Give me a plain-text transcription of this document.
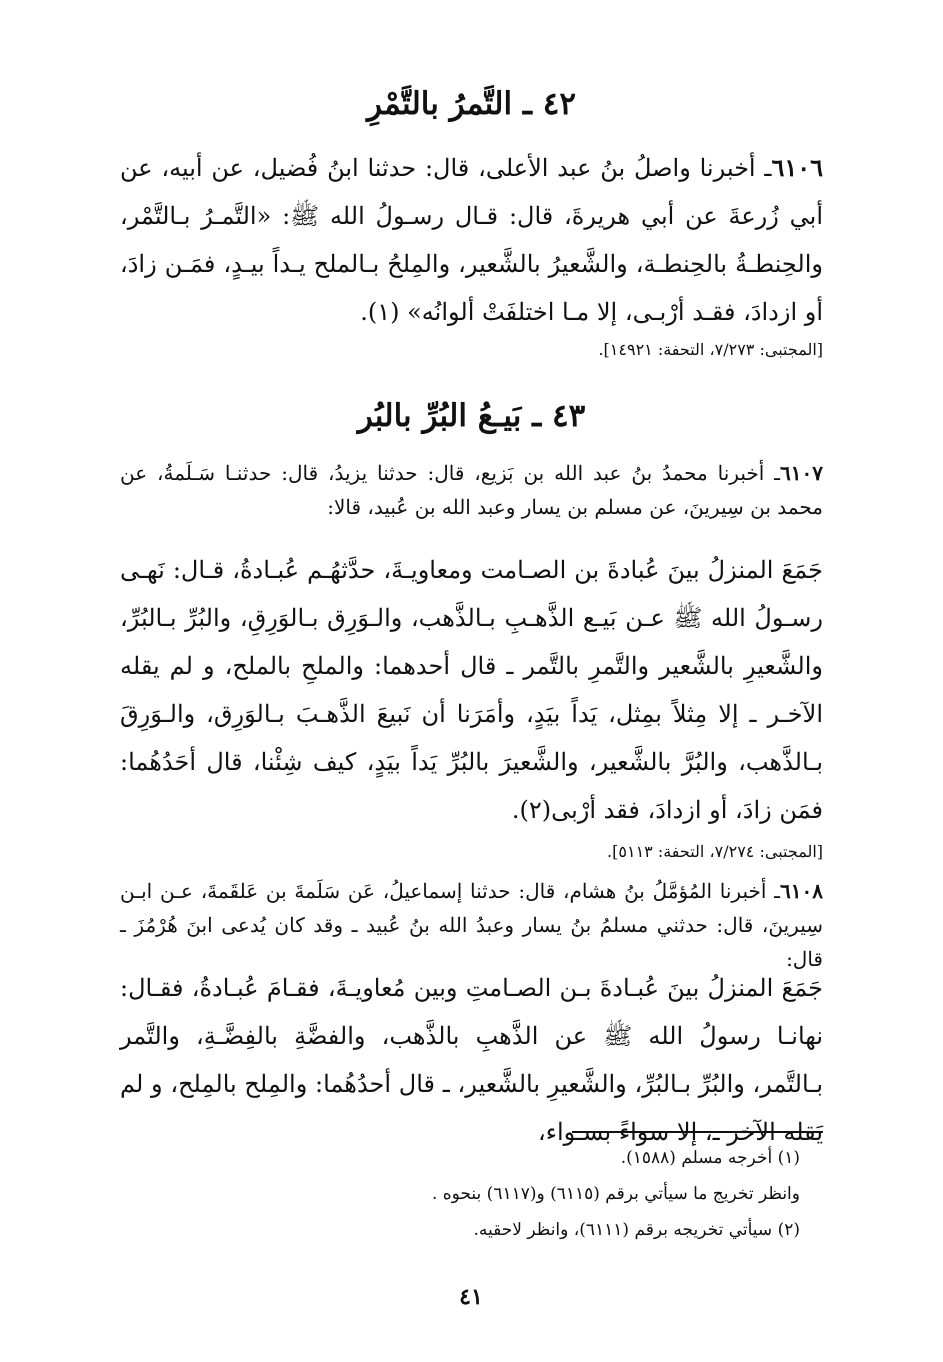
٤٢ ـ التَّمرُ بالتَّمْرِ
٦١٠٦ـ أخبرنا واصلُ بنُ عبد الأعلى، قال: حدثنا ابنُ فُضيل، عن أبيه، عن أبي زُرعةَ عن أبي هريرةَ، قال: قـال رسـولُ الله ﷺ: «التَّمـرُ بـالتَّمْر، والحِنطـةُ بالحِنطـة، والشَّعيرُ بالشَّعير، والمِلحُ بـالملح يـداً بيـدٍ، فمَـن زادَ، أو ازدادَ، فقـد أرْبـى، إلا مـا اختلفَتْ ألوانُه» (١).
[المجتبى: ٧/٢٧٣، التحفة: ١٤٩٢١].
٤٣ ـ بَيـعُ البُرِّ بالبُر
٦١٠٧ـ أخبرنا محمدُ بنُ عبد الله بن بَزيع، قال: حدثنا يزيدُ، قال: حدثنـا سَـلَمةُ، عن محمد بن سِيرينَ، عن مسلم بن يسار وعبد الله بن عُبيد، قالا:
جَمَعَ المنزلُ بينَ عُبادةَ بن الصـامت ومعاويـةَ، حدَّثهُـم عُبـادةُ، قـال: نَهـى رسـولُ الله ﷺ عـن بَيـع الذَّهـبِ بـالذَّهب، والـوَرِق بـالوَرِقِ، والبُرِّ بـالبُرِّ، والشَّعيرِ بالشَّعير والتَّمرِ بالتَّمر ـ قال أحدهما: والملحِ بالملح، و لم يقله الآخـر ـ إلا مِثلاً بمِثل، يَداً بيَدٍ، وأمَرَنا أن نَبيعَ الذَّهـبَ بـالوَرِق، والـوَرِقَ بـالذَّهب، والبُرَّ بالشَّعير، والشَّعيرَ بالبُرِّ يَداً بيَدٍ، كيف شِئْنا، قال أحَدُهُما: فمَن زادَ، أو ازدادَ، فقد أرْبى(٢).
[المجتبى: ٧/٢٧٤، التحفة: ٥١١٣].
٦١٠٨ـ أخبرنا المُؤمَّلُ بنُ هشام، قال: حدثنا إسماعيلُ، عَن سَلَمةَ بن عَلقَمةَ، عـن ابـن سِيرينَ، قال: حدثني مسلمُ بنُ يسار وعبدُ الله بنُ عُبيد ـ وقد كان يُدعى ابنَ هُرْمُزَ ـ قال:
جَمَعَ المنزلُ بينَ عُبـادةَ بـن الصـامتِ وبين مُعاويـةَ، فقـامَ عُبـادةُ، فقـال: نهانـا رسولُ الله ﷺ عن الذَّهبِ بالذَّهب، والفضَّةِ بالفِضَّـةِ، والتَّمر بـالتَّمر، والبُرِّ بـالبُرِّ، والشَّعيرِ بالشَّعير، ـ قال أحدُهُما: والمِلح بالمِلح، و لم يَقله الآخر ـ، إلا سواءً بسـواء،
(١) أخرجه مسلم (١٥٨٨).
وانظر تخريج ما سيأتي برقم (٦١١٥) و(٦١١٧) بنحوه .
(٢) سيأتي تخريجه برقم (٦١١١)، وانظر لاحقيه.
٤١
